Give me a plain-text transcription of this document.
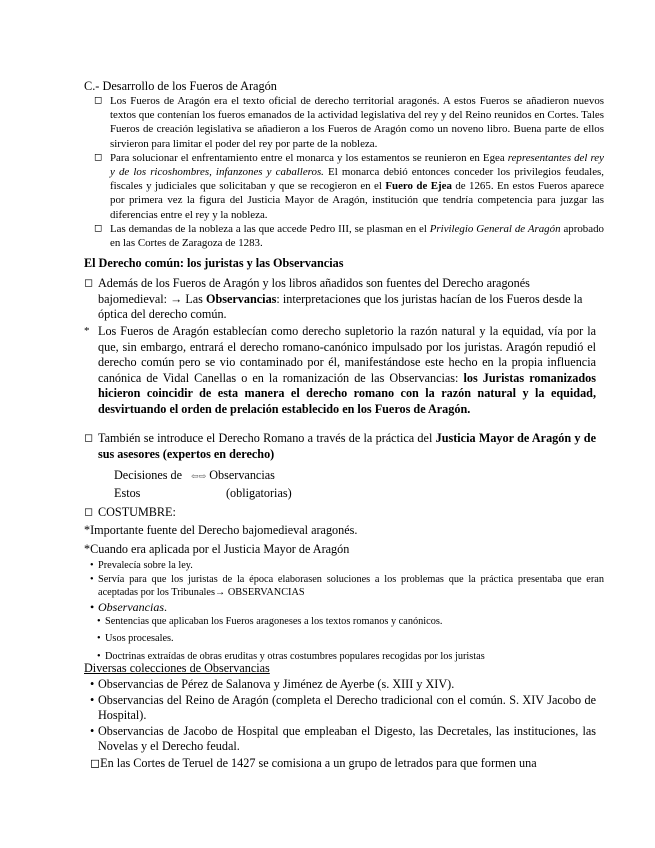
C.- Desarrollo de los Fueros de Aragón
◻ Los Fueros de Aragón era el texto oficial de derecho territorial aragonés. A estos Fueros se añadieron nuevos textos que contenían los fueros emanados de la actividad legislativa del rey y del Reino reunidos en Cortes. Tales Fueros de creación legislativa se añadieron a los Fueros de Aragón como un noveno libro. Buena parte de ellos sirvieron para limitar el poder del rey por parte de la nobleza.
◻ Para solucionar el enfrentamiento entre el monarca y los estamentos se reunieron en Egea representantes del rey y de los ricoshombres, infanzones y caballeros. El monarca debió entonces conceder los privilegios feudales, fiscales y judiciales que solicitaban y que se recogieron en el Fuero de Ejea de 1265. En estos Fueros aparece por primera vez la figura del Justicia Mayor de Aragón, institución que tendría competencia para juzgar las diferencias entre el rey y la nobleza.
◻ Las demandas de la nobleza a las que accede Pedro III, se plasman en el Privilegio General de Aragón aprobado en las Cortes de Zaragoza de 1283.
El Derecho común: los juristas y las Observancias
◻ Además de los Fueros de Aragón y los libros añadidos son fuentes del Derecho aragonés bajomedieval: → Las Observancias: interpretaciones que los juristas hacían de los Fueros desde la óptica del derecho común.
* Los Fueros de Aragón establecían como derecho supletorio la razón natural y la equidad, vía por la que, sin embargo, entrará el derecho romano-canónico impulsado por los juristas. Aragón repudió el derecho común pero se vio contaminado por él, manifestándose este hecho en la propia influencia canónica de Vidal Canellas o en la romanización de las Observancias: los Juristas romanizados hicieron coincidir de esta manera el derecho romano con la razón natural y la equidad, desvirtuando el orden de prelación establecido en los Fueros de Aragón.
◻ También se introduce el Derecho Romano a través de la práctica del Justicia Mayor de Aragón y de sus asesores (expertos en derecho)
Decisiones de ⇦⇨ Observancias
Estos	(obligatorias)
◻ COSTUMBRE:
*Importante fuente del Derecho bajomedieval aragonés.
*Cuando era aplicada por el Justicia Mayor de Aragón
• Prevalecía sobre la ley.
• Servía para que los juristas de la época elaborasen soluciones a los problemas que la práctica presentaba que eran aceptadas por los Tribunales→ OBSERVANCIAS
• Observancias.
• Sentencias que aplicaban los Fueros aragoneses a los textos romanos y canónicos.
• Usos procesales.
• Doctrinas extraídas de obras eruditas y otras costumbres populares recogidas por los juristas
Diversas colecciones de Observancias
• Observancias de Pérez de Salanova y Jiménez de Ayerbe (s. XIII y XIV).
• Observancias del Reino de Aragón (completa el Derecho tradicional con el común. S. XIV Jacobo de Hospital).
• Observancias de Jacobo de Hospital que empleaban el Digesto, las Decretales, las instituciones, las Novelas y el Derecho feudal.
◻En las Cortes de Teruel de 1427 se comisiona a un grupo de letrados para que formen una
